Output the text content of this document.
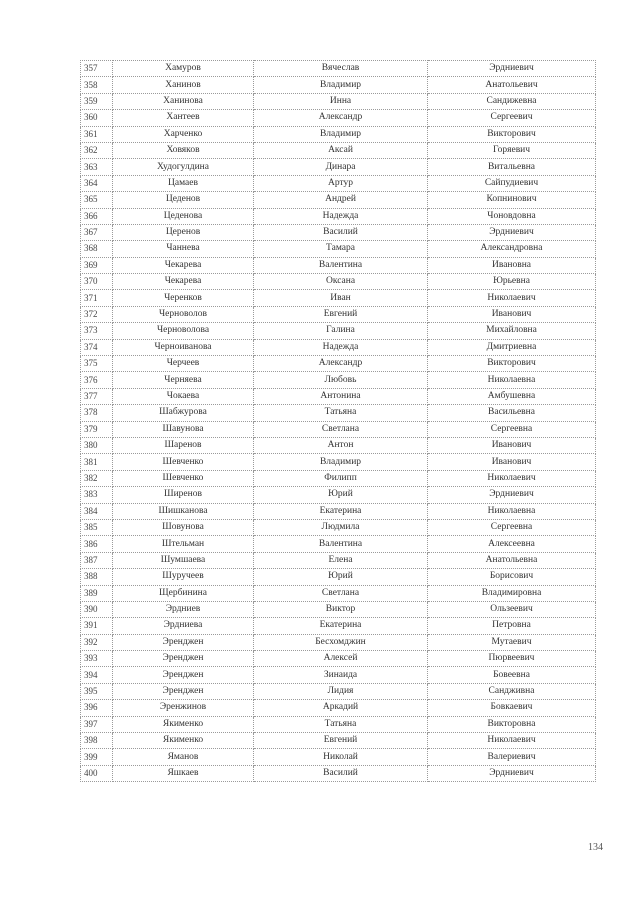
357	Хамуров	Вячеслав	Эрдниевич
358	Ханинов	Владимир	Анатольевич
359	Ханинова	Инна	Сандижевна
360	Хантеев	Александр	Сергеевич
361	Харченко	Владимир	Викторович
362	Ховяков	Аксай	Горяевич
363	Худогулдина	Динара	Витальевна
364	Цамаев	Артур	Сайпудиевич
365	Цеденов	Андрей	Копнинович
366	Цеденова	Надежда	Чоновдовна
367	Церенов	Василий	Эрдниевич
368	Чаннева	Тамара	Александровна
369	Чекарева	Валентина	Ивановна
370	Чекарева	Оксана	Юрьевна
371	Черенков	Иван	Николаевич
372	Черноволов	Евгений	Иванович
373	Черноволова	Галина	Михайловна
374	Черноиванова	Надежда	Дмитриевна
375	Черчеев	Александр	Викторович
376	Черняева	Любовь	Николаевна
377	Чокаева	Антонина	Амбушевна
378	Шабжурова	Татьяна	Васильевна
379	Шавунова	Светлана	Сергеевна
380	Шаренов	Антон	Иванович
381	Шевченко	Владимир	Иванович
382	Шевченко	Филипп	Николаевич
383	Ширенов	Юрий	Эрдниевич
384	Шишканова	Екатерина	Николаевна
385	Шовунова	Людмила	Сергеевна
386	Штельман	Валентина	Алексеевна
387	Шумшаева	Елена	Анатольевна
388	Шуручеев	Юрий	Борисович
389	Щербинина	Светлана	Владимировна
390	Эрдниев	Виктор	Ользеевич
391	Эрдниева	Екатерина	Петровна
392	Эренджен	Бесхомджин	Мутаевич
393	Эренджен	Алексей	Пюрвеевич
394	Эренджен	Зинаида	Бовеевна
395	Эренджен	Лидия	Сандживна
396	Эренжинов	Аркадий	Бовкаевич
397	Якименко	Татьяна	Викторовна
398	Якименко	Евгений	Николаевич
399	Яманов	Николай	Валериевич
400	Яшкаев	Василий	Эрдниевич
134
